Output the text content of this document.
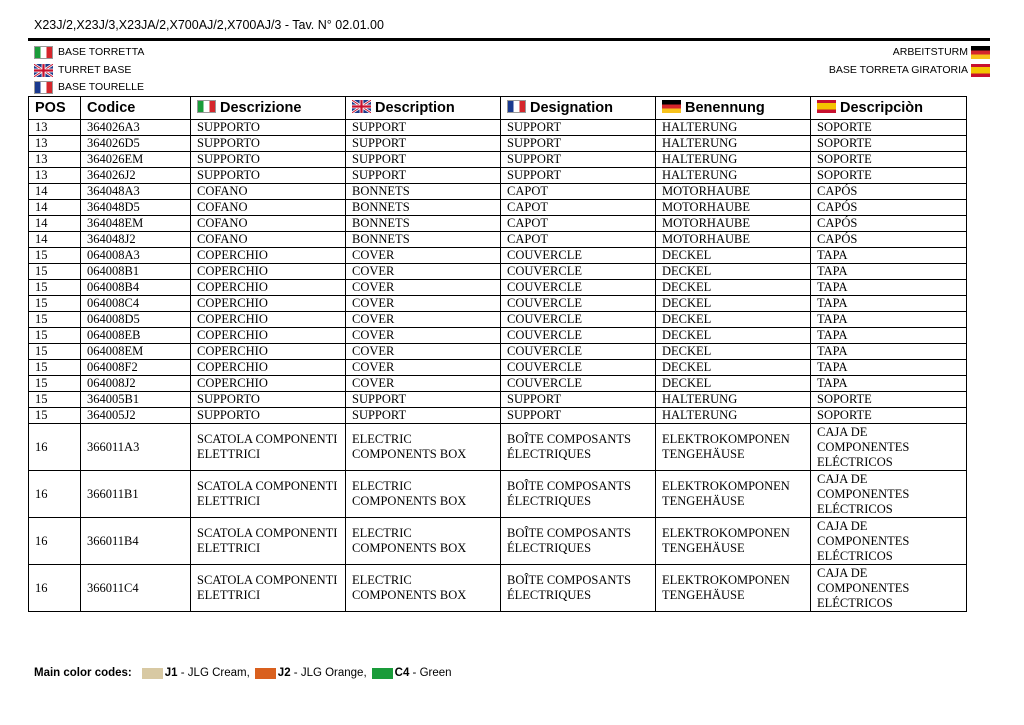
X23J/2,X23J/3,X23JA/2,X700AJ/2,X700AJ/3 - Tav. N° 02.01.00
BASE TORRETTA
TURRET BASE
BASE TOURELLE
ARBEITSTURM
BASE TORRETA GIRATORIA
POS	Codice	Descrizione	Description	Designation	Benennung	Descripciòn
13	364026A3	SUPPORTO	SUPPORT	SUPPORT	HALTERUNG	SOPORTE
13	364026D5	SUPPORTO	SUPPORT	SUPPORT	HALTERUNG	SOPORTE
13	364026EM	SUPPORTO	SUPPORT	SUPPORT	HALTERUNG	SOPORTE
13	364026J2	SUPPORTO	SUPPORT	SUPPORT	HALTERUNG	SOPORTE
14	364048A3	COFANO	BONNETS	CAPOT	MOTORHAUBE	CAPÓS
14	364048D5	COFANO	BONNETS	CAPOT	MOTORHAUBE	CAPÓS
14	364048EM	COFANO	BONNETS	CAPOT	MOTORHAUBE	CAPÓS
14	364048J2	COFANO	BONNETS	CAPOT	MOTORHAUBE	CAPÓS
15	064008A3	COPERCHIO	COVER	COUVERCLE	DECKEL	TAPA
15	064008B1	COPERCHIO	COVER	COUVERCLE	DECKEL	TAPA
15	064008B4	COPERCHIO	COVER	COUVERCLE	DECKEL	TAPA
15	064008C4	COPERCHIO	COVER	COUVERCLE	DECKEL	TAPA
15	064008D5	COPERCHIO	COVER	COUVERCLE	DECKEL	TAPA
15	064008EB	COPERCHIO	COVER	COUVERCLE	DECKEL	TAPA
15	064008EM	COPERCHIO	COVER	COUVERCLE	DECKEL	TAPA
15	064008F2	COPERCHIO	COVER	COUVERCLE	DECKEL	TAPA
15	064008J2	COPERCHIO	COVER	COUVERCLE	DECKEL	TAPA
15	364005B1	SUPPORTO	SUPPORT	SUPPORT	HALTERUNG	SOPORTE
15	364005J2	SUPPORTO	SUPPORT	SUPPORT	HALTERUNG	SOPORTE
16	366011A3	SCATOLA COMPONENTI ELETTRICI	ELECTRIC COMPONENTS BOX	BOÎTE COMPOSANTS ÉLECTRIQUES	ELEKTROKOMPONEN TENGEHÄUSE	CAJA DE COMPONENTES ELÉCTRICOS
16	366011B1	SCATOLA COMPONENTI ELETTRICI	ELECTRIC COMPONENTS BOX	BOÎTE COMPOSANTS ÉLECTRIQUES	ELEKTROKOMPONEN TENGEHÄUSE	CAJA DE COMPONENTES ELÉCTRICOS
16	366011B4	SCATOLA COMPONENTI ELETTRICI	ELECTRIC COMPONENTS BOX	BOÎTE COMPOSANTS ÉLECTRIQUES	ELEKTROKOMPONEN TENGEHÄUSE	CAJA DE COMPONENTES ELÉCTRICOS
16	366011C4	SCATOLA COMPONENTI ELETTRICI	ELECTRIC COMPONENTS BOX	BOÎTE COMPOSANTS ÉLECTRIQUES	ELEKTROKOMPONEN TENGEHÄUSE	CAJA DE COMPONENTES ELÉCTRICOS
Main color codes:	J1 - JLG Cream, J2 - JLG Orange, C4 - Green
